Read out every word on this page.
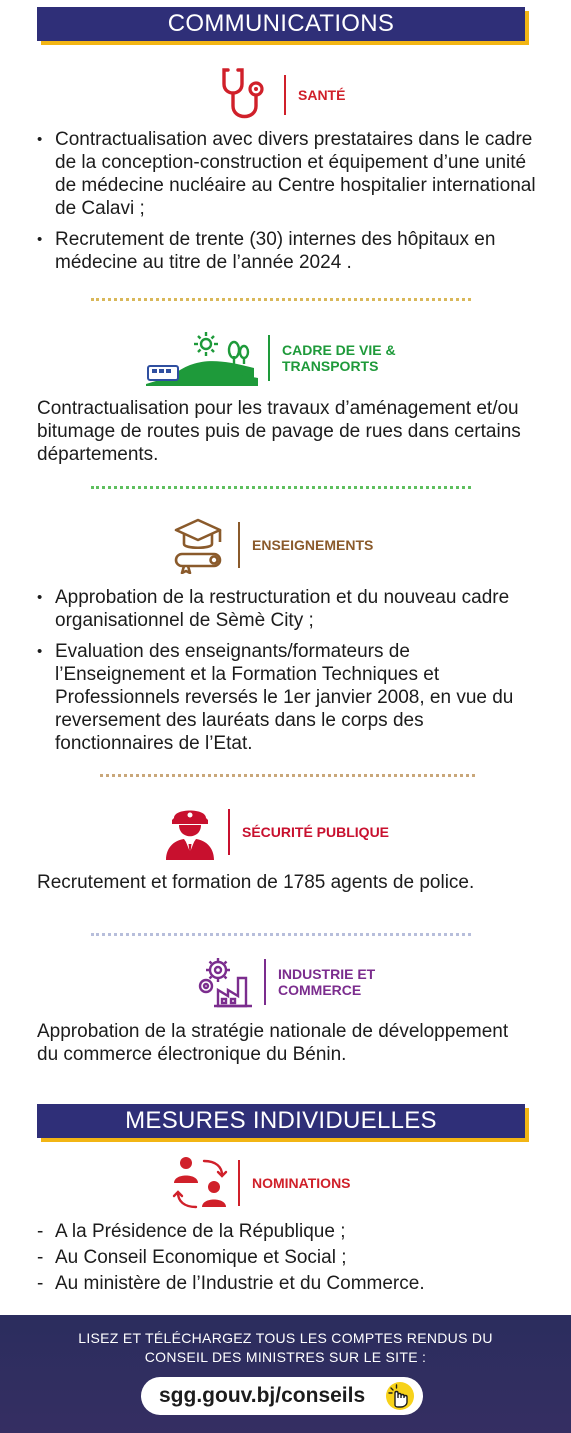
COMMUNICATIONS
SANTÉ
• Contractualisation avec divers prestataires dans le cadre de la conception-construction et équipement d’une unité de médecine nucléaire au Centre hospitalier international de Calavi ;
• Recrutement de trente (30) internes des hôpitaux en médecine au titre de l’année 2024 .
CADRE DE VIE &
TRANSPORTS
Contractualisation pour les travaux d’aménagement et/ou bitumage de routes puis de pavage de rues dans certains départements.
ENSEIGNEMENTS
• Approbation de la restructuration et du nouveau cadre organisationnel de Sèmè City ;
• Evaluation des enseignants/formateurs de l’Enseignement et la Formation Techniques et Professionnels reversés le 1er janvier 2008, en vue du reversement des lauréats dans le corps des fonctionnaires de l’Etat.
SÉCURITÉ PUBLIQUE
Recrutement et formation de 1785 agents de police.
INDUSTRIE ET
COMMERCE
Approbation de la stratégie nationale de développement du commerce électronique du Bénin.
MESURES INDIVIDUELLES
NOMINATIONS
- A la Présidence de la République ;
- Au Conseil Economique et Social ;
- Au ministère de l’Industrie et du Commerce.
LISEZ ET TÉLÉCHARGEZ TOUS LES COMPTES RENDUS DU
CONSEIL DES MINISTRES SUR LE SITE :
sgg.gouv.bj/conseils
